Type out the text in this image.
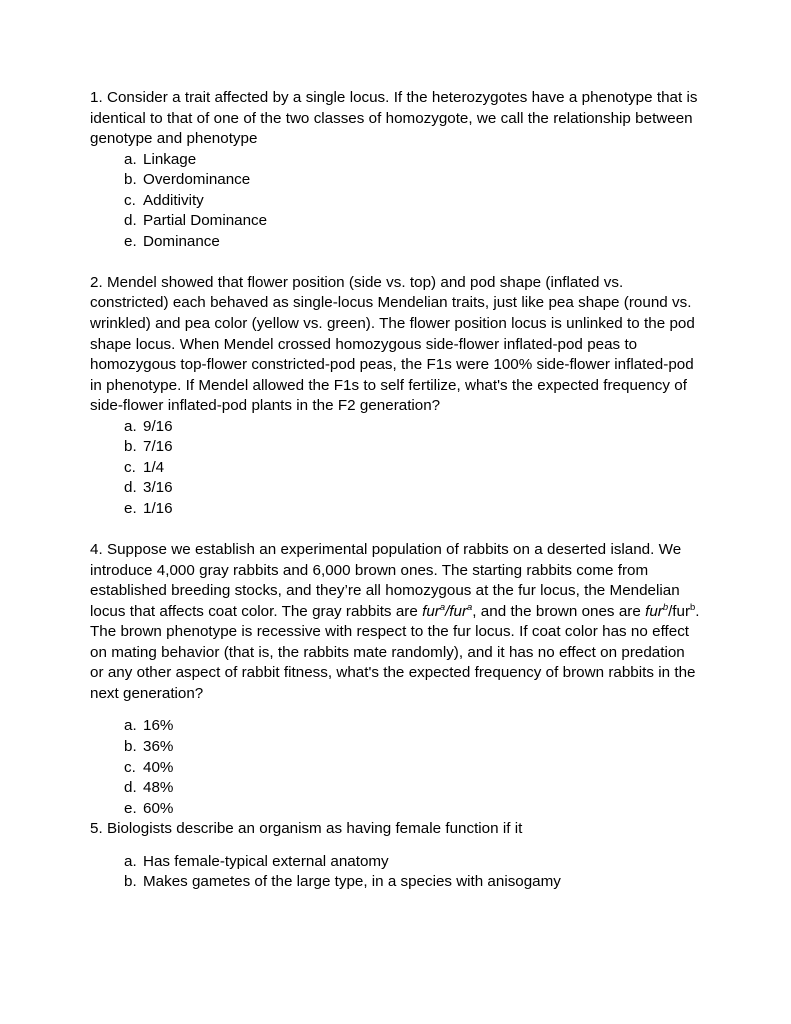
1. Consider a trait affected by a single locus. If the heterozygotes have a phenotype that is identical to that of one of the two classes of homozygote, we call the relationship between genotype and phenotype

a. Linkage
b. Overdominance
c. Additivity
d. Partial Dominance
e. Dominance

2. Mendel showed that flower position (side vs. top) and pod shape (inflated vs. constricted) each behaved as single-locus Mendelian traits, just like pea shape (round vs. wrinkled) and pea color (yellow vs. green). The flower position locus is unlinked to the pod shape locus. When Mendel crossed homozygous side-flower inflated-pod peas to homozygous top-flower constricted-pod peas, the F1s were 100% side-flower inflated-pod in phenotype. If Mendel allowed the F1s to self fertilize, what's the expected frequency of side-flower inflated-pod plants in the F2 generation?

a. 9/16
b. 7/16
c. 1/4
d. 3/16
e. 1/16

4. Suppose we establish an experimental population of rabbits on a deserted island. We introduce 4,000 gray rabbits and 6,000 brown ones. The starting rabbits come from established breeding stocks, and they’re all homozygous at the fur locus, the Mendelian locus that affects coat color. The gray rabbits are fur$^a$/fur$^a$, and the brown ones are fur$^b$/fur$^b$. The brown phenotype is recessive with respect to the fur locus. If coat color has no effect on mating behavior (that is, the rabbits mate randomly), and it has no effect on predation or any other aspect of rabbit fitness, what's the expected frequency of brown rabbits in the next generation?

a. 16%
b. 36%
c. 40%
d. 48%
e. 60%

5. Biologists describe an organism as having female function if it

a. Has female-typical external anatomy
b. Makes gametes of the large type, in a species with anisogamy
